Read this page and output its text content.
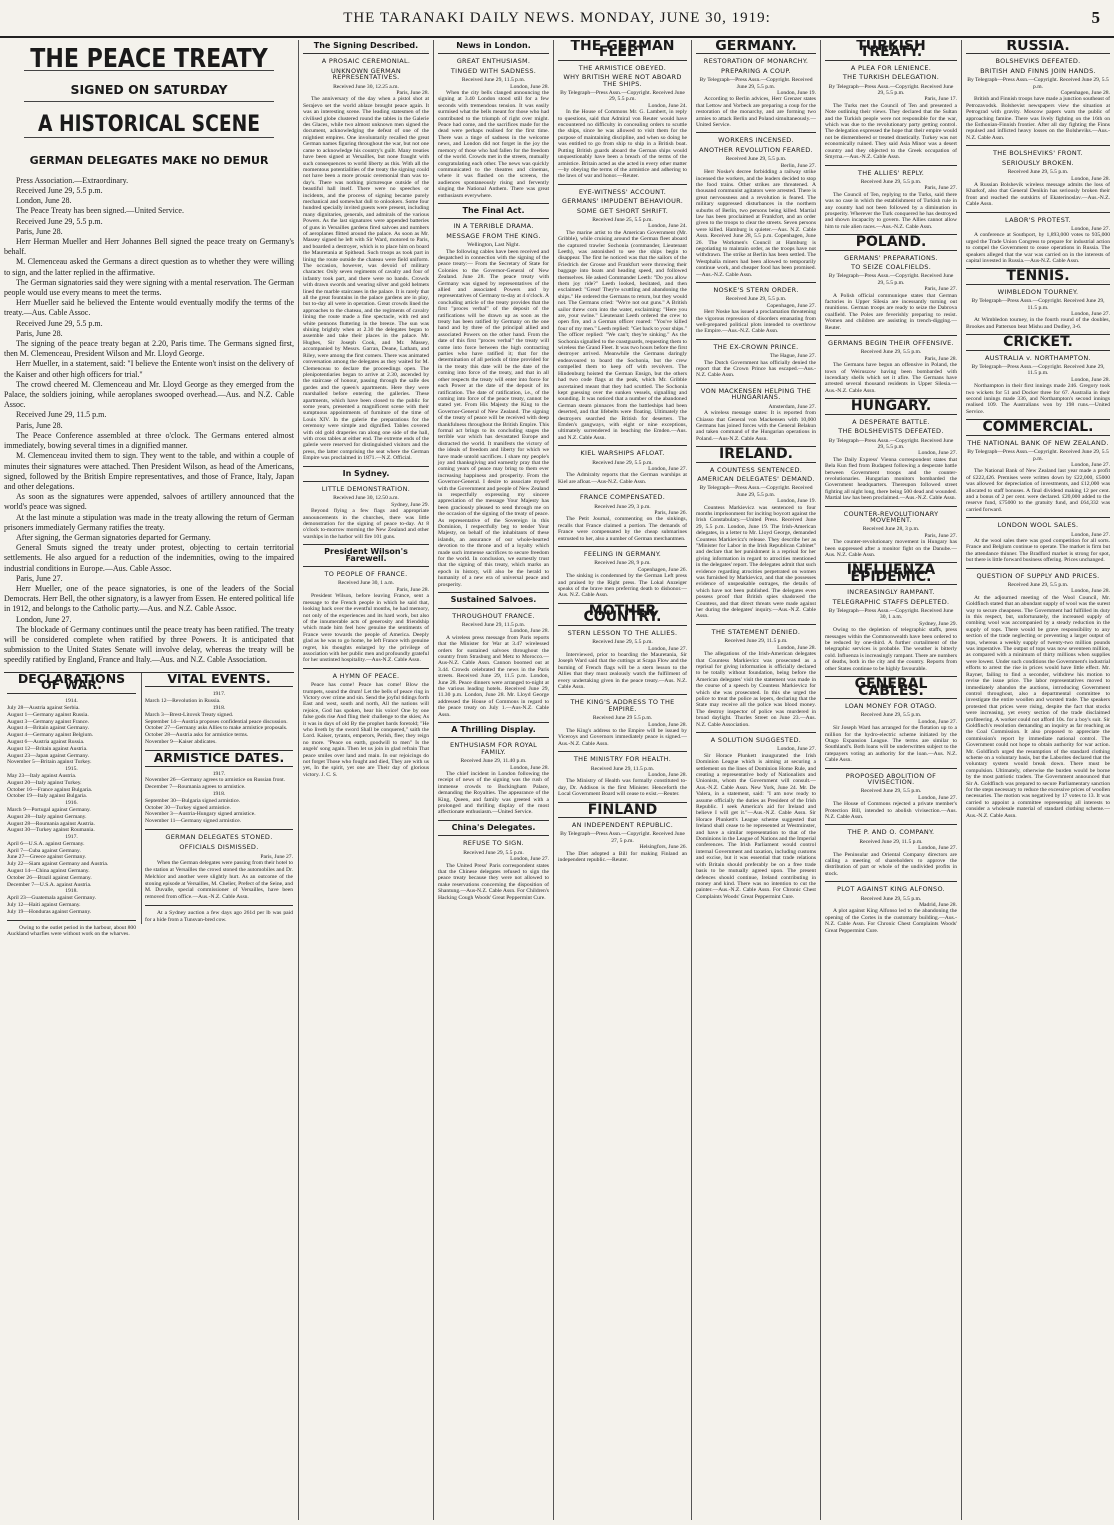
THE TARANAKI DAILY NEWS. MONDAY, JUNE 30, 1919:	5
THE PEACE TREATY
SIGNED ON SATURDAY
A HISTORICAL SCENE
GERMAN DELEGATES MAKE NO DEMUR

Press Association.—Extraordinary.

Received June 29, 5.5 p.m.

London, June 28.

The Peace Treaty has been signed.—United Service.

Received June 29, 5.5 p.m.

Paris, June 28.

Herr Herman Mueller and Herr Johannes Bell signed the peace treaty on Germany's behalf.

M. Clemenceau asked the Germans a direct question as to whether they were willing to sign, and the latter replied in the affirmative.

The German signatories said they were signing with a mental reservation. The German people would use every means to meet the terms.

Herr Mueller said he believed the Entente would eventually modify the terms of the treaty.—Aus. Cable Assoc.

Received June 29, 5.5 p.m.

Paris, June 28.

The signing of the peace treaty began at 2.20, Paris time. The Germans signed first, then M. Clemenceau, President Wilson and Mr. Lloyd George.

Herr Mueller, in a statement, said: "I believe the Entente won't insist on the delivery of the Kaiser and other high officers for trial."

The crowd cheered M. Clemenceau and Mr. Lloyd George as they emerged from the Palace, the soldiers joining, while aeroplanes swooped overhead.—Aus. and N.Z. Cable Assoc.

Received June 29, 11.5 p.m.

Paris, June 28.

The Peace Conference assembled at three o'clock. The Germans entered almost immediately, bowing several times in a dignified manner.

M. Clemenceau invited them to sign. They went to the table, and within a couple of minutes their signatures were attached. Then President Wilson, as head of the Americans, signed, followed by the British Empire representatives, and those of France, Italy, Japan and other delegations.

As soon as the signatures were appended, salvoes of artillery announced that the world's peace was signed.

At the last minute a stipulation was made in the treaty allowing the return of German prisoners immediately Germany ratifies the treaty.

After signing, the German signatories departed for Germany.

General Smuts signed the treaty under protest, objecting to certain territorial settlements. He also argued for a reduction of the indemnities, owing to the impaired industrial conditions in Europe.—Aus. Cable Assoc.

Paris, June 27.

Herr Mueller, one of the peace signatories, is one of the leaders of the Social Democrats. Herr Bell, the other signatory, is a lawyer from Essen. He entered political life in 1912, and belongs to the Catholic party.—Aus. and N.Z. Cable Assoc.

London, June 27.

The blockade of Germany continues until the peace treaty has been ratified. The treaty will be considered complete when ratified by three Powers. It is anticipated that submission to the United States Senate will involve delay, whereas the treaty will be speedily ratified by England, France and Italy.—Aus. and N.Z. Cable Association.

DECLARATIONS OF WAR.
1914.
July 28—Austria against Serbia.
August 1—Germany against Russia.
August 3—Germany against France.
August 4—Britain against Germany.
August 4—Germany against Belgium.
August 6—Austria against Russia.
August 12—Britain against Austria.
August 23—Japan against Germany.
November 5—Britain against Turkey.
1915.
May 23—Italy against Austria.
August 20—Italy against Turkey.
October 16—France against Bulgaria.
October 19—Italy against Bulgaria.
1916.
March 9—Portugal against Germany.
August 28—Italy against Germany.
August 28—Roumania against Austria.
August 30—Turkey against Roumania.
1917.
April 6—U.S.A. against Germany.
April 7—Cuba against Germany.
June 27—Greece against Germany.
July 22—Siam against Germany and Austria.
August 14—China against Germany.
October 26—Brazil against Germany.
December 7—U.S.A. against Austria.
1918.
April 23—Guatemala against Germany.
July 12—Haiti against Germany.
July 19—Honduras against Germany.

Owing to the outlet period in the harbour, about 800 Auckland wharfies were without work on the wharves.

VITAL EVENTS.
1917.
March 12—Revolution in Russia.
1918.
March 3—Brest-Litovsk Treaty signed.
September 14—Austria proposes confidential peace discussion.
October 27—Germany asks Allies to make armistice proposals.
October 28—Austria asks for armistice terms.
November 9—Kaiser abdicates.
ARMISTICE DATES.
1917.
November 26—Germany agrees to armistice on Russian front.
December 7—Roumania agrees to armistice.
1918.
September 30—Bulgaria signed armistice.
October 30—Turkey signed armistice.
November 3—Austria-Hungary signed armistice.
November 11—Germany signed armistice.
GERMAN DELEGATES STONED.
OFFICIALS DISMISSED.
Paris, June 27.

When the German delegates were passing from their hotel to the station at Versailles the crowd stoned the automobiles and Dr. Melchior and another were slightly hurt. As an outcome of the stoning episode at Versailles, M. Chelier, Prefect of the Seine, and M. Duvalle, special commissioner of Versailles, have been removed from office.—Aus.-N.Z. Cable Assn.

At a Sydney auction a few days ago 261d per lb was paid for a hide from a Tunsvan-bred cow.

The Signing Described.
A PROSAIC CEREMONIAL.
UNKNOWN GERMAN REPRESENTATIVES.
Received June 30, 12.25 a.m.
Paris, June 28.

The anniversary of the day when a pistol shot at Serajevo set the world ablaze brought peace again. It was an interesting scene. The leading statesmen of the civilised globe clustered round the tables in the Galerie des Glaces, while two almost unknown men signed the document, acknowledging the defeat of one of the mightiest empires. One involuntarily recalled the great German names figuring throughout the war, but not one came to acknowledge his country's guilt. Many treaties have been signed at Versailles, but none fraught with such consequences to world liberty as this. With all the momentous potentialities of the treaty the signing could not have been a more prosaic ceremonial than was to-day's. There was nothing picturesque outside of the beautiful hall itself. There were no speeches or incidents, and the process of signing became purely mechanical and somewhat dull to onlookers. Some four hundred specially invited guests were present, including many dignitaries, generals, and admirals of the various Powers. As the last signatures were appended batteries of guns in Versailles gardens fired salvoes and numbers of aeroplanes flitted around the palace. As soon as Mr. Massey signed he left with Sir Ward, motored to Paris, and boarded a destroyer, which is to place him on board the Mauretania at Spithead. Such troops as took part in lining the route outside the chateau were field uniform. The occasion, however, was devoid of military character. Only seven regiments of cavalry and four of infantry took part, and there were no bands. Crowds with drawn swords and wearing silver and gold helmets lined the marble staircases in the palace. It is rarely that all the great fountains in the palace gardens are in play, but to-day all were in operation. Great crowds lined the approaches to the chateau, and the regiments of cavalry lining the route made a fine spectacle, with red and white pennons fluttering in the breeze. The sun was shining brightly when at 2.30 the delegates began to assemble and take their places in the palace. Mr. Hughes, Sir Joseph Cook, and Mr. Massey, accompanied by Messrs. Garran, Deane, Latham, and Riley, were among the first comers. There was animated conversation among the delegates as they waited for M. Clemenceau to declare the proceedings open. The plenipotentiaries began to arrive at 2.30, ascended by the staircase of honour, passing through the salle des gardes and the queen's apartments. Here they were marshalled before entering the galleries. These apartments, which have been closed to the public for some years, presented a magnificent scene with their sumptuous appointments of furniture of the time of Louis XIV. In the galerie the preparations for the ceremony were simple and dignified. Tables covered with old gold draperies ran along one side of the hall, with cross tables at either end. The extreme ends of the galerie were reserved for distinguished visitors and the press, the latter comprising the seat where the German Empire was proclaimed in 1871.—N.Z. Official.

In Sydney.
LITTLE DEMONSTRATION.
Received June 30, 12.50 a.m.
Sydney, June 29.

Beyond flying a few flags and appropriate announcements in the churches, there was little demonstration for the signing of peace to-day. At 8 o'clock to-morrow morning the New Zealand and other warships in the harbor will fire 101 guns.

President Wilson's Farewell.
TO PEOPLE OF FRANCE.
Received June 30, 1 a.m.
Paris, June 28.

President Wilson, before leaving France, sent a message to the French people in which he said that, looking back over the eventful months, he had memory, not only of the experiences and its hard work, but also of the innumerable acts of generosity and friendship which made him feel how genuine the sentiments of France were towards the people of America. Deeply glad as he was to go home, he left France with genuine regret, his thoughts enlarged by the privilege of association with her public men and profoundly grateful for her unstinted hospitality.—Aus-N.Z. Cable Assn.

A HYMN OF PEACE.

Peace has come! Peace has come! Blow the trumpets, sound the drum! Let the bells of peace ring in Victory over crime and sin. Send the joyful tidings forth East and west, south and north, All the nations will rejoice, God has spoken, hear his voice! One by one false gods rise And fling their challenge to the skies; As it was in days of old By the prophet bards foretold; "He who liveth by the sword Shall be conquered," saith the Lord. Kaiser, tyrants, emperors, Perish, flee; they reign no more. "Peace on earth, goodwill to men" Is the angels' song again. Then let us join in glad refrain That peace smiles over land and main. In our rejoicings do not forget Those who fought and died, They are with us yet, In the spirit, yet one are Their day of glorious victory. J. C. S.

News in London.
GREAT ENTHUSIASM.
TINGED WITH SADNESS.
Received June 29, 11.5 p.m.
London, June 28.

When the city bells clanged announcing the signing at 3.40 London stood still for a few seconds with tremendous tension. It was easily surmised what the bells meant for those who had contributed to the triumph of right over might. Peace had come, and the sacrifices made for the dead were perhaps realised for the first time. There was a tinge of sadness in the welcome news, and London did not forget in the joy the memory of those who had fallen for the freedom of the world. Crowds met in the streets, mutually congratulating each other. The news was quickly communicated to the theatres and cinemas, where it was flashed on the screens, the audiences spontaneously rising and fervently singing the National Anthem. There was great enthusiasm everywhere.

The Final Act.
IN A TERRIBLE DRAMA.
MESSAGE FROM THE KING.
Wellington, Last Night.

The following cables have been received and despatched in connection with the signing of the peace treaty:— From the Secretary of State for Colonies to the Governor-General of New Zealand. June 28. The peace treaty with Germany was signed by representatives of the allied and associated Powers and by representatives of Germany to-day at 4 o'clock. A concluding article of the treaty provides that the first "proces verbal" of the deposit of the ratifications will be drawn up as soon as the treaty has been ratified by Germany on the one hand and by three of the principal allied and associated Powers on the other hand. From the date of this first "proces verbal" the treaty will come into force between the high contracting parties who have ratified it; that for the determination of all periods of time provided for in the treaty this date will be the date of the coming into force of the treaty, and that in all other respects the treaty will enter into force for each Power at the date of the deposit of its ratification. The date of ratification, i.e., of the coming into force of the peace treaty, cannot be stated yet. From His Majesty the King to the Governor-General of New Zealand. The signing of the treaty of peace will be received with deep thankfulness throughout the British Empire. This formal act brings to its concluding stages the terrible war which has devastated Europe and distracted the world. It manifests the victory of the ideals of freedom and liberty for which we have made untold sacrifices. I share my people's joy and thanksgiving and earnestly pray that the coming years of peace may bring to them ever increasing happiness and prosperity. From the Governor-General. I desire to associate myself with the Government and people of New Zealand in respectfully expressing my sincere appreciation of the message Your Majesty has been graciously pleased to send through me on the occasion of the signing of the treaty of peace. As representative of the Sovereign in this Dominion, I respectfully beg to tender Your Majesty, on behalf of the inhabitants of these islands, an assurance of our whole-hearted devotion to the throne and of a loyalty which made such immense sacrifices to secure freedom for the world. In conclusion, we earnestly trust that the signing of this treaty, which marks an epoch in history, will also be the herald to humanity of a new era of universal peace and prosperity.

Sustained Salvoes.
THROUGHOUT FRANCE.
Received June 29, 11.5 p.m.
London, June 28.

A wireless press message from Paris reports that the Minister for War at 3.47 wirelessed orders for sustained salvoes throughout the country from Strasburg and Metz to Morocco.—Aus-N.Z. Cable Assn. Cannon boomed out at 3.44. Crowds celebrated the news in the Paris streets. Received June 29, 11.5 p.m. London, June 28. Peace dinners were arranged to-night at the various leading hotels. Received June 29, 11.30 p.m. London, June 28. Mr. Lloyd George addressed the House of Commons in regard to the peace treaty on July 1.—Aus-N.Z. Cable Assn.

A Thrilling Display.
ENTHUSIASM FOR ROYAL FAMILY.
Received June 29, 11.40 p.m.
London, June 28.

The chief incident in London following the receipt of news of the signing was the rush of immense crowds to Buckingham Palace, demanding the Royalties. The appearance of the King, Queen, and family was greeted with a prolonged and thrilling display of the most affectionate enthusiasm.—United Service.

China's Delegates.
REFUSE TO SIGN.
Received June 29, 5.5 p.m.
London, June 27.

The United Press' Paris correspondent states that the Chinese delegates refused to sign the peace treaty because they were not allowed to make reservations concerning the disposition of Shantung.—Aus-N.Z. Cable Assn. For Children's Hacking Cough Woods' Great Peppermint Cure.

THE GERMAN FLEET
THE ARMISTICE OBEYED.
WHY BRITISH WERE NOT ABOARD THE SHIPS.
By Telegraph—Press Assn.—Copyright. Received June 29, 5.5 p.m.
London, June 24.

In the House of Commons Mr. G. Lambert, in reply to questions, said that Admiral von Reuter would have encountered no difficulty in concealing orders to scuttle the ships, since he was allowed to visit them for the purpose of maintaining discipline, and when so doing he was entitled to go from ship to ship in a British boat. Putting British guards aboard the German ships would unquestionably have been a breach of the terms of the armistice. Britain acted as she acted in every other matter—by obeying the terms of the armistice and adhering to the laws of war and honor.—Reuter.

EYE-WITNESS' ACCOUNT.
GERMANS' IMPUDENT BEHAVIOUR.
SOME GET SHORT SHRIFT.
Received June 25, 5.5 p.m.
London, June 24.

The marine artist to the American Government (Mr. Gribble), while cruising around the German fleet aboard the captured trawler Sochonia (commander, Lieutenant Leeth), was astonished to see the ships begin to disappear. The first he noticed was that the sailors of the Friedrich der Grosse and Frankfurt were throwing their baggage into boats and heading speed, and followed themselves. He asked Commander Leeth: "Do you allow them joy ride?" Leeth looked, hesitated, and then exclaimed: "Great! They're scuttling and abandoning the ships." He ordered the Germans to return, but they would not. The Germans cried: "We're not out guns." A British sailor threw corn into the water, exclaiming: "Here you are, your swine." Lieutenant Leeth ordered the crew to open fire, and a German officer roared: "You've killed four of my men." Leeth replied: "Get back to your ships." The officer replied: "We can't; they're sinking." As the Sochonia signalled to the coastguards, requesting them to wireless the Grand Fleet. It was two hours before the first destroyer arrived. Meanwhile the Germans daringly endeavoured to board the Sochonia, but the crew compelled them to keep off with revolvers. The Hindenburg hoisted the German Ensign, but the others had two code flags at the peak, which Mr. Gribble ascertained meant that they had scuttled. The Sochonia kept guessing over the sunken vessels, signalling and sounding. It was noticed that a number of the abandoned German steam pinnaces from the battleships had been deserted, and that lifebelts were floating. Ultimately the destroyers searched the British for deserters. The Emden's gangways, with eight or nine exceptions, ultimately surrendered in beaching the Emden.—Aus. and N.Z. Cable Assn.

KIEL WARSHIPS AFLOAT.
Received June 29, 5.5 p.m.
London, June 27.

The Admiralty reports that the German warships at Kiel are afloat.—Aus-N.Z. Cable Assn.

FRANCE COMPENSATED.
Received June 29, 3 p.m.
Paris, June 26.

The Petit Journal, commenting on the sinkings, recalls that France claimed a portion. The demands of France were compensated by the cheap submarines entrusted to her, also a number of German merchantmen.

FEELING IN GERMANY.
Received June 28, 9 p.m.
Copenhagen, June 26.

The sinking is condemned by the German Left press and praised by the Right press. The Lokal Anzeiger speaks of the brave men preferring death to dishonor.—Aus. N.Z. Cable Assn.

MOTHER COUNTRY.
STERN LESSON TO THE ALLIES.
Received June 29, 5.5 p.m.
London, June 27.

Interviewed, prior to boarding the Mauretania, Sir Joseph Ward said that the cuttings at Scapa Flow and the burning of French flags will be a stern lesson to the Allies that they must zealously watch the fulfilment of every undertaking given in the peace treaty.—Aus. N.Z. Cable Assn.

THE KING'S ADDRESS TO THE EMPIRE.
Received June 29 5.5 p.m.
London, June 28.

The King's address to the Empire will be issued by Viceroys and Governors immediately peace is signed.—Aus.-N.Z. Cable Assn.

THE MINISTRY FOR HEALTH.
Received June 29, 11.5 p.m.
London, June 28.

The Ministry of Health was formally constituted to-day, Dr. Addison is the first Minister. Henceforth the Local Government Board will cease to exist.—Reuter.

FINLAND
AN INDEPENDENT REPUBLIC.
By Telegraph—Press Assn.—Copyright. Received June 27, 5 p.m.
Helsingfors, June 26.

The Diet adopted a Bill for making Finland an independent republic.—Reuter.

GERMANY.
RESTORATION OF MONARCHY.
PREPARING A COUP.
By Telegraph—Press Assn.—Copyright. Received June 29, 5.5 p.m.
London, June 19.

According to Berlin advices, Herr Grenzer states that Lettow and Vorbeck are preparing a coup for the restoration of the monarchy, and are forming two armies to attack Berlin and Poland simultaneously.—United Service.

WORKERS INCENSED.
ANOTHER REVOLUTION FEARED.
Received June 29, 5.5 p.m.
Berlin, June 27.

Herr Noske's decree forbidding a railway strike incensed the workers, and the leaders decided to stop the food trains. Other strikes are threatened. A thousand communist agitators were arrested. There is great nervousness and a revolution is feared. The military suppressed disturbances in the northern suburbs of Berlin, two persons being killed. Martial law has been proclaimed at Frankfort, and an order given to the troops to clear the streets. Seven persons were killed. Hamburg is quieter.—Aus. N.Z. Cable Assn. Received June 28, 5.5 p.m. Copenhagen, June 26. The Workmen's Council at Hamburg is negotiating to maintain order, as the troops have not withdrawn. The strike at Berlin has been settled. The Westphalia miners had been allowed to temporarily continue work, and cheaper food has been promised.—Aus.-N.Z. Cable Assn.

NOSKE'S STERN ORDER.
Received June 29, 5.5 p.m.
Copenhagen, June 27.

Herr Noske has issued a proclamation threatening the vigorous repression of disorders emanating from well-prepared political plots intended to overthrow the Empire.—Aus.-N.Z. Cable Assn.

THE EX-CROWN PRINCE.
The Hague, June 27.

The Dutch Government has officially denied the report that the Crown Prince has escaped.—Aus.-N.Z. Cable Assn.

VON MACKENSEN HELPING THE HUNGARIANS.
Amsterdam, June 27.

A wireless message states: It is reported from Chiasso that General von Mackensen with 10,000 Germans has joined forces with the General Belakun and taken command of the Hungarian operations in Poland.—Aus-N.Z. Cable Assn.

IRELAND.
A COUNTESS SENTENCED.
AMERICAN DELEGATES' DEMAND.
By Telegraph—Press Assn.—Copyright. Received June 29, 5.5 p.m.
London, June 19.

Countess Markievicz was sentenced to four months imprisonment for inciting boycott against the Irish Constabulary.—United Press. Received June 29, 5.5 p.m. London, June 19. The Irish-American delegates, in a letter to Mr. Lloyd George, demanded Countess Markievicz's release. They describe her as "Minister for Labor in the Irish Republican Cabinet" and declare that her punishment is a reprisal for her giving information in regard to atrocities mentioned in the delegates' report. The delegates admit that such evidence regarding atrocities perpetrated on women was furnished by Markievicz, and that she possesses evidence of unspeakable outrages, the details of which have not been published. The delegates even possess proof that British spies shadowed the Countess, and that direct threats were made against her during the delegates' inquiry.—Aus.-N.Z. Cable Assn.

THE STATEMENT DENIED.
Received June 29, 11.5 p.m.
London, June 28.

The allegations of the Irish-American delegates that Countess Markievicz was prosecuted as a reprisal for giving information is officially declared to be totally without foundation, being before the American delegates' visit the statement was made in the course of a speech by Countess Markievicz for which she was prosecuted. In this she urged the police to treat the police as lepers, declaring that the State may receive all the police was blood money. The destroy inspector of police was murdered in broad daylight. Thurles Street on June 23.—Aus. N.Z. Cable Association.

A SOLUTION SUGGESTED.
London, June 27.

Sir Horace Plunkett inaugurated the Irish Dominion League which is aiming at securing a settlement on the lines of Dominion Home Rule, and creating a representative body of Nationalists and Unionists, whom the Government will consult.—Aus.-N.Z. Cable Assn. New York, June 24. Mr. De Valera, in a statement, said: "I am now ready to assume officially the duties as President of the Irish Republic. I seek America's aid for Ireland and believe I will get it."—Aus.-N.Z. Cable Assn. Sir Horace Plunkett's League scheme suggested that Ireland shall cease to be represented at Westminster, and have a similar representation to that of the Dominions in the League of Nations and the Imperial conferences. The Irish Parliament would control internal Government and taxation, including customs and excise, but it was essential that trade relations with Britain should preferably be on a free trade basis to be mutually agreed upon. The present defences should continue, Ireland contributing in money and kind. There was no intention to cut the painter.—Aus.-N.Z. Cable Assn. For Chronic Chest Complaints Woods' Great Peppermint Cure.

TURKISH TREATY.
A PLEA FOR LENIENCE.
THE TURKISH DELEGATION.
By Telegraph—Press Assn.—Copyright. Received June 29, 5.5 p.m.
Paris, June 17.

The Turks met the Council of Ten and presented a Note outlining their views. They declared that the Sultan and the Turkish people were not responsible for the war, which was due to the revolutionary party getting control. The delegation expressed the hope that their empire would not be dismembered or treated drastically. Turkey was not economically ruined. They said Asia Minor was a desert country and they objected to the Greek occupation of Smyrna.—Aus.-N.Z. Cable Assn.

THE ALLIES' REPLY.
Received June 29, 5.5 p.m.
Paris, June 27.

The Council of Ten, replying to the Turks, said there was no case in which the establishment of Turkish rule in any country had not been followed by a diminution in prosperity. Wherever the Turk conquered he has destroyed and shown incapacity to govern. The Allies cannot allow him to rule alien races.—Aus.-N.Z. Cable Assn.

POLAND.
GERMANS' PREPARATIONS.
TO SEIZE COALFIELDS.
By Telegraph—Press Assn.—Copyright. Received June 29, 5.5 p.m.
Paris, June 27.

A Polish official communique states that German factories in Upper Silesia are incessantly turning out munitions. German troops are ready to seize the Dabrova coalfield. The Poles are feverishly preparing to resist. Women and children are assisting in trench-digging.—Reuter.

GERMANS BEGIN THEIR OFFENSIVE.
Received June 29, 5.5 p.m.
Paris, June 28.

The Germans have begun an offensive in Poland, the town of Weiruszow having been bombarded with incendiary shells which set it afire. The Germans have arrested several thousand residents in Upper Silesia.—Aus.-N.Z. Cable Assn.

HUNGARY.
A DESPERATE BATTLE.
THE BOLSHEVISTS DEFEATED.
By Telegraph—Press Assn.—Copyright. Received June 29, 5.5 p.m.
London, June 27.

The Daily Express' Vienna correspondent states that Bela Kun fled from Budapest following a desperate battle between Government troops and the counter-revolutionaries. Hungarian monitors bombarded the Government headquarters. Thereupon followed street fighting all night long, there being 500 dead and wounded. Martial law has been proclaimed.—Aus.-N.Z. Cable Assn.

COUNTER-REVOLUTIONARY MOVEMENT.
Received June 28, 3 p.m.
Paris, June 27.

The counter-revolutionary movement in Hungary has been suppressed after a monitor fight on the Danube.—Aus. N.Z. Cable Assn.

INFLUENZA EPIDEMIC.
INCREASINGLY RAMPANT.
TELEGRAPHIC STAFFS DEPLETED.
By Telegraph—Press Assn.—Copyright. Received June 30, 1 a.m.
Sydney, June 29.

Owing to the depletion of telegraphic staffs, press messages within the Commonwealth have been ordered to be reduced by one-third. A further curtailment of the telegraphic services is probable. The weather is bitterly cold. Influenza is increasingly rampant. There are numbers of deaths, both in the city and the country. Reports from other States continue to be highly favourable.

GENERAL CABLES.
LOAN MONEY FOR OTAGO.
Received June 29, 5.5 p.m.
London, June 27.

Sir Joseph Ward has arranged for the flotation up to a million for the hydro-electric scheme initiated by the Otago Expansion League. The terms are similar to Southland's. Both loans will be underwritten subject to the ratepayers voting an authority for the loan.—Aus. N.Z. Cable Assn.

PROPOSED ABOLITION OF VIVISECTION.
Received June 29, 5.5 p.m.
London, June 27.

The House of Commons rejected a private member's Protection Bill, intended to abolish vivisection.—Aus. N.Z. Cable Assn.

THE P. AND O. COMPANY.
Received June 29, 11.5 p.m.
London, June 27.

The Peninsular and Oriental Company directors are calling a meeting of shareholders to approve the distribution of part or whole of the undivided profits in stock.

PLOT AGAINST KING ALFONSO.
Received June 29, 5.5 p.m.
Madrid, June 28.

A plot against King Alfonso led to the abandoning the opening of the Cortes in the customary building.—Aus.-N.Z. Cable Assn. For Chronic Chest Complaints Woods' Great Peppermint Cure.

RUSSIA.
BOLSHEVIKS DEFEATED.
BRITISH AND FINNS JOIN HANDS.
By Telegraph—Press Assn.—Copyright. Received June 29, 5.5 p.m.
Copenhagen, June 28.

British and Finnish troops have made a junction southeast of Petrozavodsk. Bolshevist newspapers view the situation at Petrograd with gravity. Moscow papers warn the public of approaching famine. There was lively fighting on the 16th on the Esthonian-Finnish frontier. After all day fighting the Finns repulsed and inflicted heavy losses on the Bolsheviks.—Aus.-N.Z. Cable Assn.

THE BOLSHEVIKS' FRONT.
SERIOUSLY BROKEN.
Received June 29, 5.5 p.m.
London, June 28.

A Russian Bolshevik wireless message admits the loss of Kharkof, also that General Denikin has seriously broken their front and reached the outskirts of Ekaterinoslav.—Aus.-N.Z. Cable Assn.

LABOR'S PROTEST.
London, June 27.

A conference at Southport, by 1,893,000 votes to 935,000 urged the Trade Union Congress to prepare for industrial action to compel the Government to cease operations in Russia. The speakers alleged that the war was carried on in the interests of capital invested in Russia.—Aus-N.Z. Cable Assn.

TENNIS.
WIMBLEDON TOURNEY.
By Telegraph—Press Assn.—Copyright. Received June 29, 11.5 p.m.
London, June 27.

At Wimbledon tourney, in the fourth round of the doubles, Brookes and Patterson beat Mishu and Dudley, 3-6.

CRICKET.
AUSTRALIA v. NORTHAMPTON.
By Telegraph—Press Assn.—Copyright. Received June 29, 11.5 p.m.
London, June 28.

Northampton in their first innings made 246. Gregory took two wickets for 51 and Docker three for 67. Australia in their second innings made 336, and Northampton's second innings realised 109. The Australians won by 198 runs.—United Service.

COMMERCIAL.
THE NATIONAL BANK OF NEW ZEALAND.
By Telegraph—Press Assn.—Copyright. Received June 29, 5.5 p.m.
London, June 27.

The National Bank of New Zealand last year made a profit of £222,426. Premises were written down by £22,000, £5000 was allowed for depreciation of investments, and £12,000 was allocated to staff bonuses. A final dividend making 12 per cent. and a bonus of 2 per cent. were declared. £20,000 added to the reserve fund, £75000 to the gratuity fund, and £64,332 was carried forward.

LONDON WOOL SALES.
London, June 27.

At the wool sales there was good competition for all sorts. France and Belgium continue to operate. The market is firm but the attendance thinner. The Bradford market is strong for spot, but there is little forward business offering. Prices unchanged.

QUESTION OF SUPPLY AND PRICES.
Received June 29, 5.5 p.m.
London, June 28.

At the adjourned meeting of the Wool Council, Mr. Goldfinch stated that an abundant supply of wool was the surest way to secure cheapness. The Government had fulfilled its duty in this respect, but, unfortunately, the increased supply of combing wool was accompanied by a steady reduction in the supply of tops. There would be grave responsibility to any section of the trade neglecting or preventing a larger output of tops, whereas a weekly supply of twenty-two million pounds was imperative. The output of tops was now seventeen million, as compared with a minimum of thirty millions when supplies were lowest. Under such conditions the Government's industrial efforts to arrest the rise in prices would have little effect. Mr. Rayner, failing to find a seconder, withdrew his motion to revise the issue price. The labor representatives moved to immediately abandon the auctions, introducing Government control throughout, also a departmental committee to investigate the entire woollen and worsted trade. The speakers protested that prices were rising, despite the fact that stocks were increasing, yet every section of the trade disclaimed profiteering. A worker could not afford 10s. for a boy's suit. Sir Goldfinch's resolution demanding an inquiry as far reaching as the Coal Commission. It also proposed to appreciate the commission's report by immediate national control. The Government could not hope to obtain authority for war action. Mr. Goldfinch urged the resumption of the standard clothing scheme on a voluntary basis, but the Laborites declared that the voluntary system would break down. There must be compulsion. Ultimately, otherwise the burden would be borne by the most patriotic traders. The Government announced that Sir A. Goldfinch was prepared to secure Parliamentary sanction for the steps necessary to reduce the excessive prices of woollen necessaries. The motion was negatived by 17 votes to 13. It was carried to appoint a committee representing all interests to consider a wholesale material of standard clothing scheme.—Aus.-N.Z. Cable Assn.
